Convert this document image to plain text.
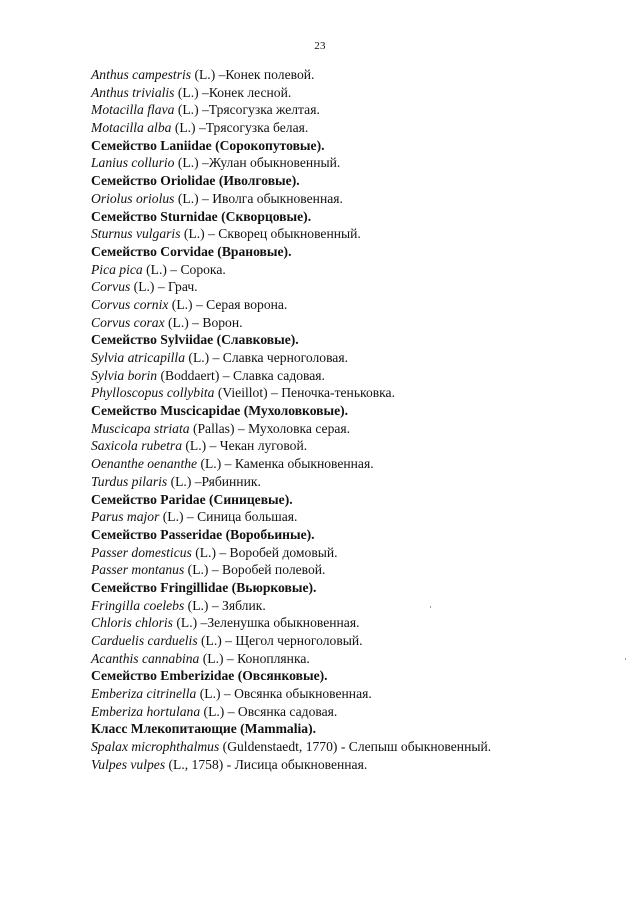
23
Anthus campestris (L.) –Конек полевой.
Anthus trivialis (L.) –Конек лесной.
Motacilla flava (L.) –Трясогузка желтая.
Motacilla alba (L.) –Трясогузка белая.
Семейство Laniidae (Сорокопутовые).
Lanius collurio (L.) –Жулан обыкновенный.
Семейство Oriolidae (Иволговые).
Oriolus oriolus (L.) – Иволга обыкновенная.
Семейство Sturnidae (Скворцовые).
Sturnus vulgaris (L.) – Скворец обыкновенный.
Семейство Corvidae (Врановые).
Pica pica (L.) – Сорока.
Corvus (L.) – Грач.
Corvus cornix (L.) – Серая ворона.
Corvus corax (L.) – Ворон.
Семейство Sylviidae (Славковые).
Sylvia atricapilla (L.) – Славка черноголовая.
Sylvia borin (Boddaert) – Славка садовая.
Phylloscopus collybita (Vieillot) – Пеночка-теньковка.
Семейство Muscicapidae (Мухоловковые).
Muscicapa striata (Pallas) – Мухоловка серая.
Saxicola rubetra (L.) – Чекан луговой.
Oenanthe oenanthe (L.) – Каменка обыкновенная.
Turdus pilaris (L.) –Рябинник.
Семейство Paridae (Синицевые).
Parus major (L.) – Синица большая.
Семейство Passeridae (Воробьиные).
Passer domesticus (L.) – Воробей домовый.
Passer montanus (L.) – Воробей полевой.
Семейство Fringillidae (Вьюрковые).
Fringilla coelebs (L.) – Зяблик.
Chloris chloris (L.) –Зеленушка обыкновенная.
Carduelis carduelis (L.) – Щегол черноголовый.
Acanthis cannabina (L.) – Коноплянка.
Семейство Emberizidae (Овсянковые).
Emberiza citrinella (L.) – Овсянка обыкновенная.
Emberiza hortulana (L.) – Овсянка садовая.
Класс Млекопитающие (Mammalia).
Spalax microphthalmus (Guldenstaedt, 1770) - Слепыш обыкновенный.
Vulpes vulpes (L., 1758) - Лисица обыкновенная.
